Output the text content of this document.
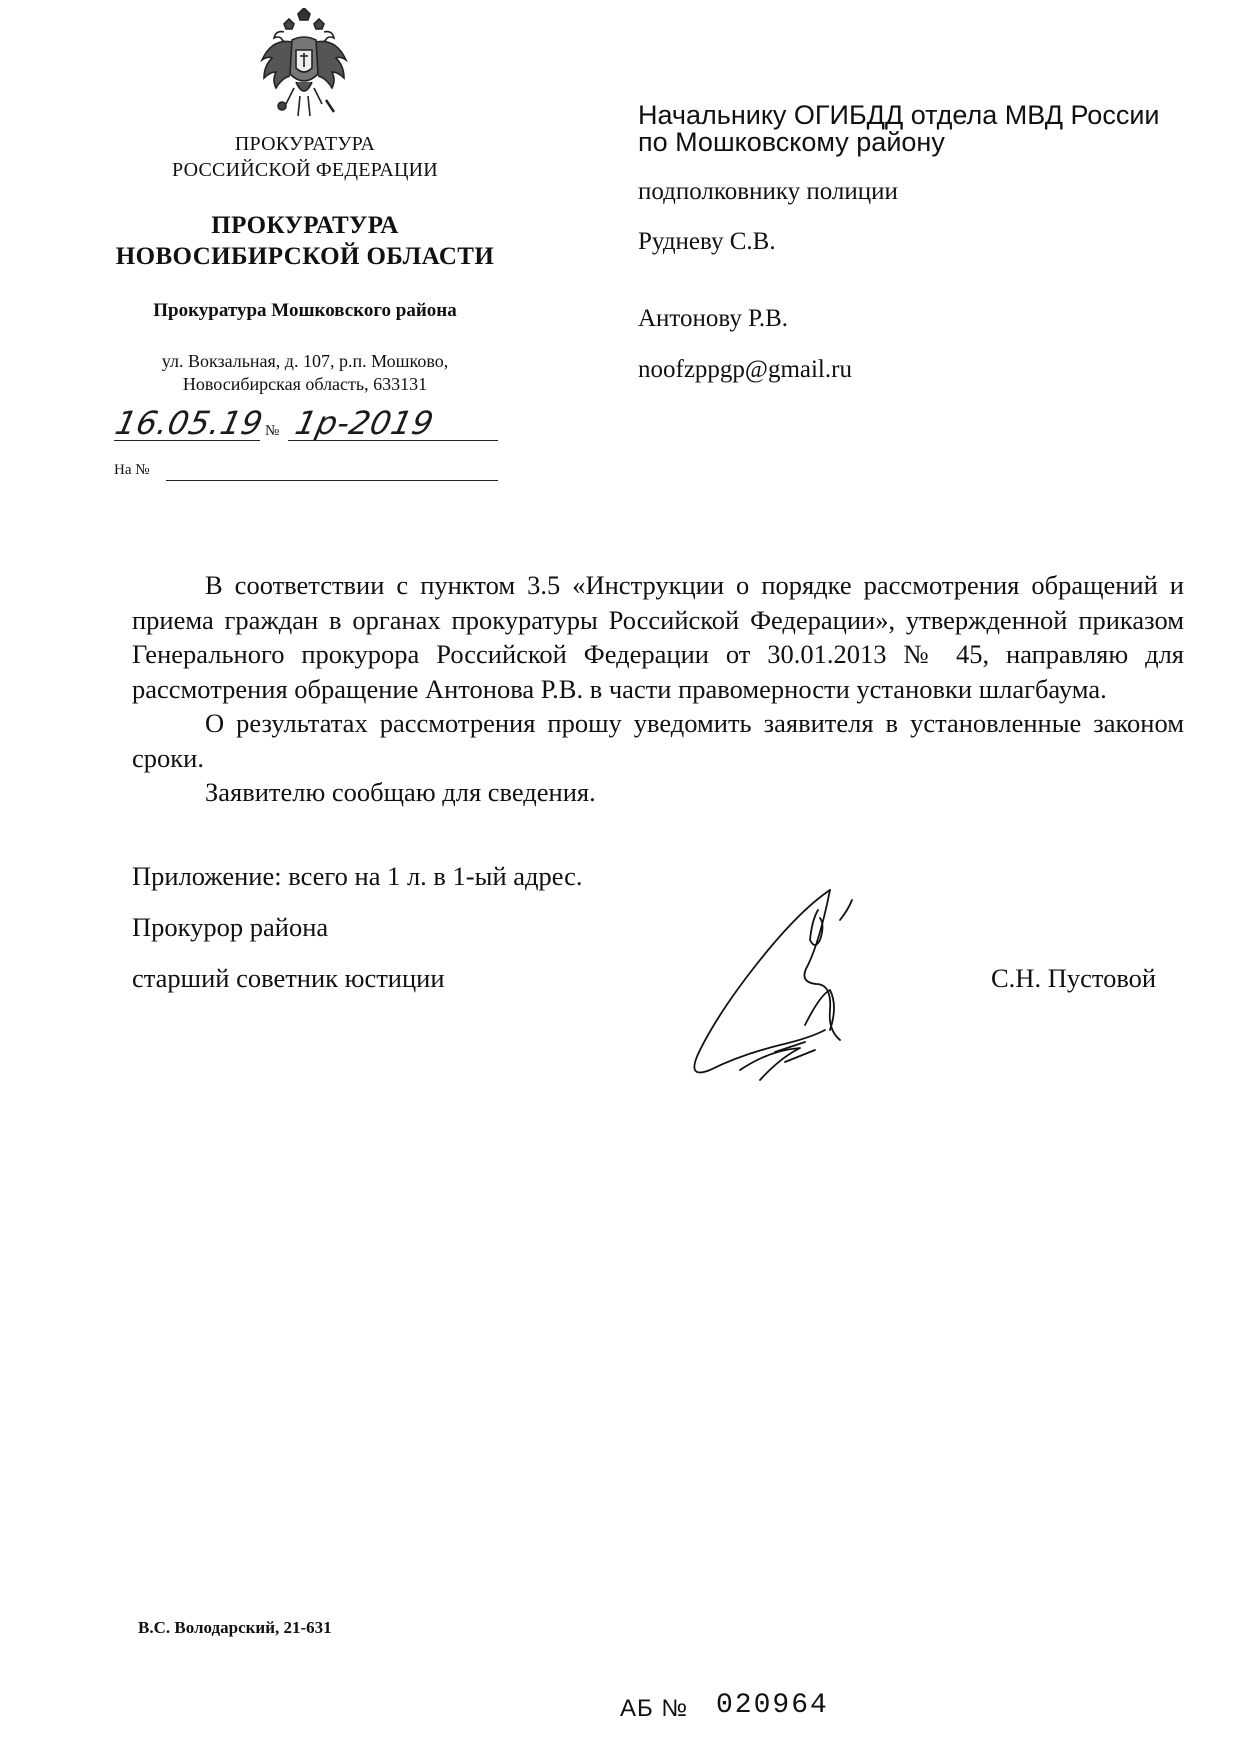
ПРОКУРАТУРА
РОССИЙСКОЙ ФЕДЕРАЦИИ
ПРОКУРАТУРА
НОВОСИБИРСКОЙ ОБЛАСТИ
Прокуратура Мошковского района
ул. Вокзальная, д. 107, р.п. Мошково,
Новосибирская область, 633131
16.05.19
№ 1р-2019
На №
Начальнику ОГИБДД отдела МВД России
по Мошковскому району
подполковнику полиции
Рудневу С.В.
Антонову Р.В.
noofzppgp@gmail.ru

В соответствии с пунктом 3.5 «Инструкции о порядке рассмотрения обращений и приема граждан в органах прокуратуры Российской Федерации», утвержденной приказом Генерального прокурора Российской Федерации от 30.01.2013 № 45, направляю для рассмотрения обращение Антонова Р.В. в части правомерности установки шлагбаума.

О результатах рассмотрения прошу уведомить заявителя в установленные законом сроки.

Заявителю сообщаю для сведения.

Приложение: всего на 1 л. в 1-ый адрес.
Прокурор района
старший советник юстиции	С.Н. Пустовой
В.С. Володарский, 21-631
АБ № 020964
